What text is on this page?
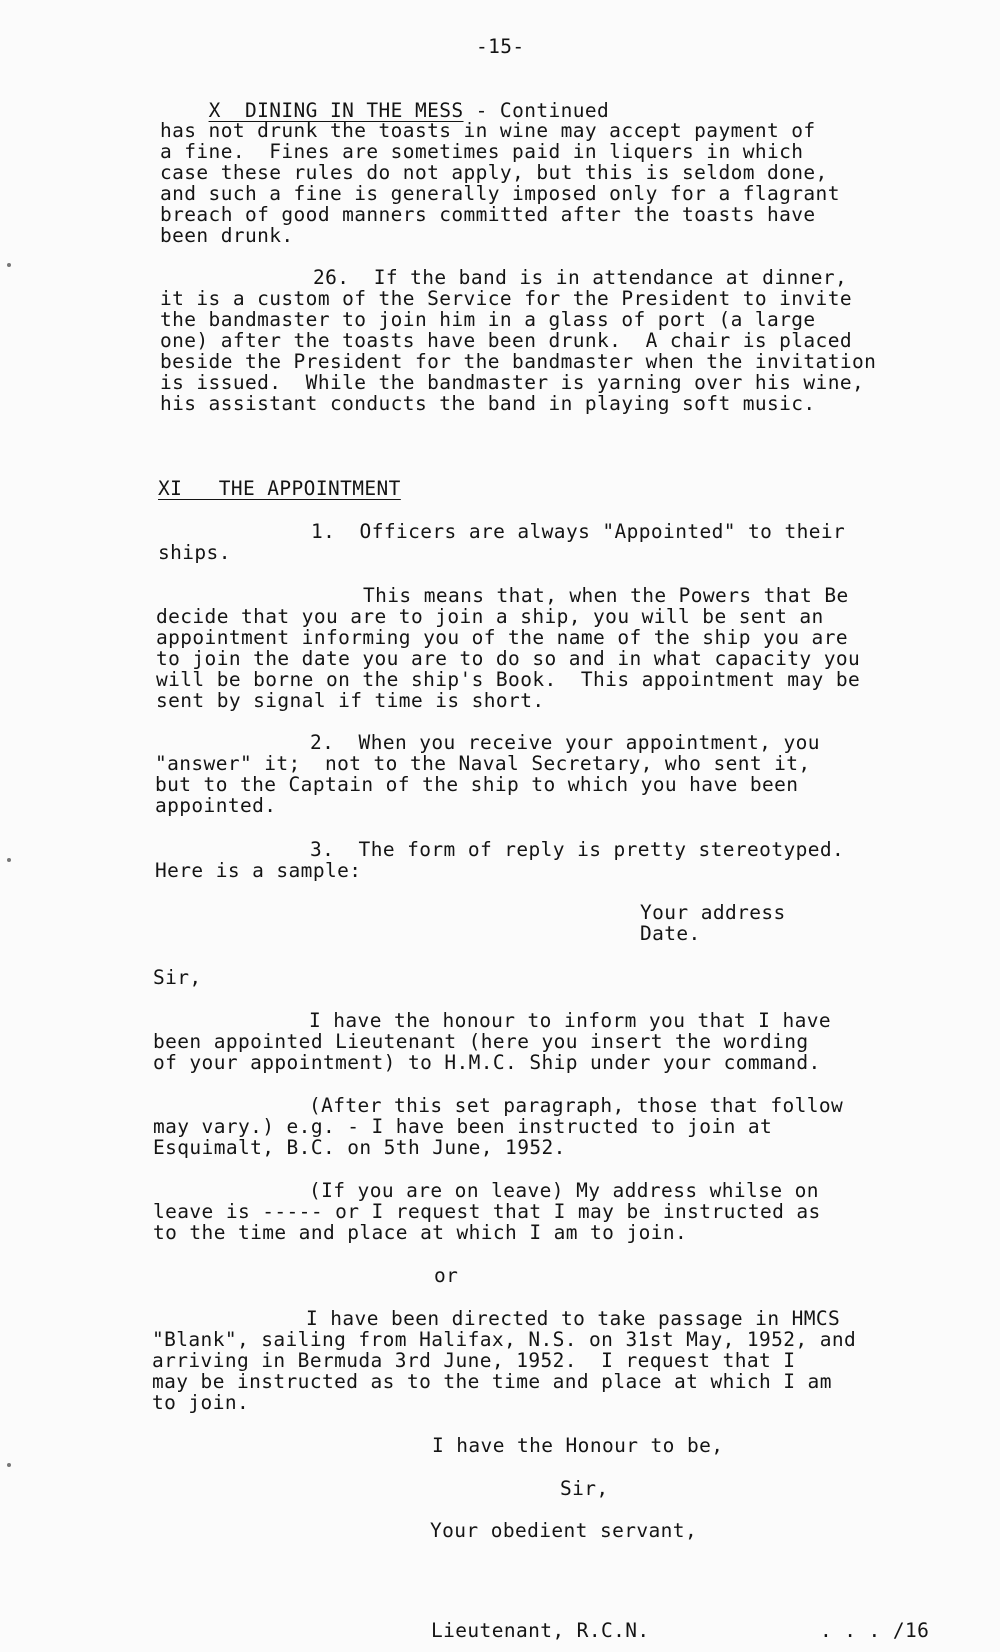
-15-

X  DINING IN THE MESS - Continued

has not drunk the toasts in wine may accept payment of
a fine.  Fines are sometimes paid in liquers in which
case these rules do not apply, but this is seldom done,
and such a fine is generally imposed only for a flagrant
breach of good manners committed after the toasts have
been drunk.
26.  If the band is in attendance at dinner,
it is a custom of the Service for the President to invite
the bandmaster to join him in a glass of port (a large
one) after the toasts have been drunk.  A chair is placed
beside the President for the bandmaster when the invitation
is issued.  While the bandmaster is yarning over his wine,
his assistant conducts the band in playing soft music.
XI   THE APPOINTMENT
1.  Officers are always "Appointed" to their
ships.
This means that, when the Powers that Be
decide that you are to join a ship, you will be sent an
appointment informing you of the name of the ship you are
to join the date you are to do so and in what capacity you
will be borne on the ship's Book.  This appointment may be
sent by signal if time is short.
2.  When you receive your appointment, you
"answer" it;  not to the Naval Secretary, who sent it,
but to the Captain of the ship to which you have been
appointed.
3.  The form of reply is pretty stereotyped.
Here is a sample:
Your address
Date.
Sir,
I have the honour to inform you that I have
been appointed Lieutenant (here you insert the wording
of your appointment) to H.M.C. Ship under your command.
(After this set paragraph, those that follow
may vary.) e.g. - I have been instructed to join at
Esquimalt, B.C. on 5th June, 1952.
(If you are on leave) My address whilse on
leave is ----- or I request that I may be instructed as
to the time and place at which I am to join.
or
I have been directed to take passage in HMCS
"Blank", sailing from Halifax, N.S. on 31st May, 1952, and
arriving in Bermuda 3rd June, 1952.  I request that I
may be instructed as to the time and place at which I am
to join.
I have the Honour to be,
Sir,
Your obedient servant,
Lieutenant, R.C.N.	. . . /16
